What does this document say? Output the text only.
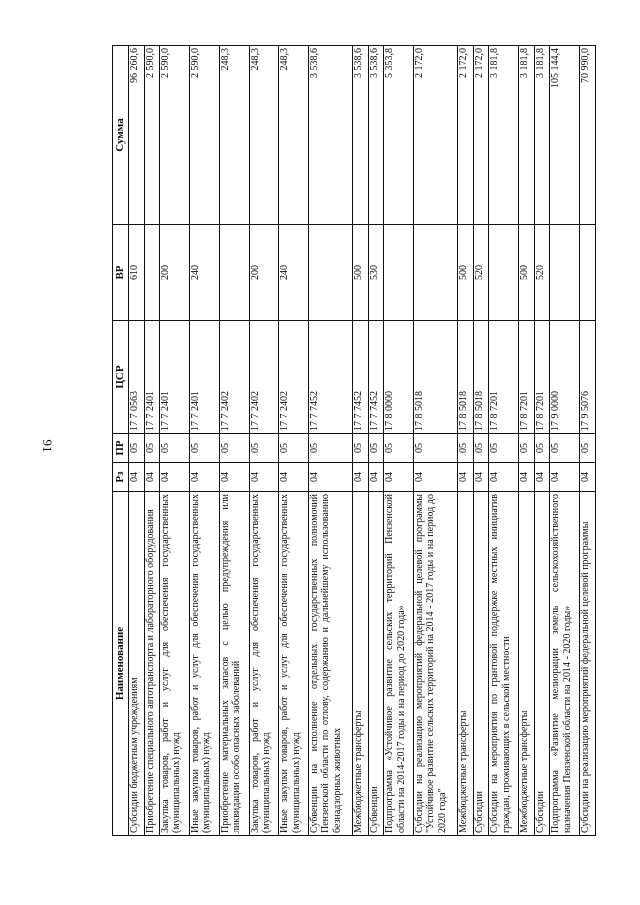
91
Наименование	Рз	ПР	ЦСР	ВР	Сумма
Субсидии бюджетным учреждениям	04	05	17 7 0563	610	96 260,6
Приобретение специального автотранспорта и лабораторного оборудования	04	05	17 7 2401		2 590,0
Закупка товаров, работ и услуг для обеспечения государственных (муниципальных) нужд	04	05	17 7 2401	200	2 590,0
Иные закупки товаров, работ и услуг для обеспечения государственных (муниципальных) нужд	04	05	17 7 2401	240	2 590,0
Приобретение материальных запасов с целью предупреждения или ликвидации особо опасных заболеваний	04	05	17 7 2402		248,3
Закупка товаров, работ и услуг для обеспечения государственных (муниципальных) нужд	04	05	17 7 2402	200	248,3
Иные закупки товаров, работ и услуг для обеспечения государственных (муниципальных) нужд	04	05	17 7 2402	240	248,3
Субвенции на исполнение отдельных государственных полномочий Пензенской области по отлову, содержанию и дальнейшему использованию безнадзорных животных	04	05	17 7 7452		3 538,6
Межбюджетные трансферты	04	05	17 7 7452	500	3 538,6
Субвенции	04	05	17 7 7452	530	3 538,6
Подпрограмма «Устойчивое развитие сельских территорий Пензенской области на 2014-2017 годы и на период до 2020 года»	04	05	17 8 0000		5 353,8
Субсидии на реализацию мероприятий федеральной целевой программы "Устойчивое развитие сельских территорий на 2014 - 2017 годы и на период до 2020 года"	04	05	17 8 5018		2 172,0
Межбюджетные трансферты	04	05	17 8 5018	500	2 172,0
Субсидии	04	05	17 8 5018	520	2 172,0
Субсидии на мероприятия по грантовой поддержке местных инициатив граждан, проживающих в сельской местности	04	05	17 8 7201		3 181,8
Межбюджетные трансферты	04	05	17 8 7201	500	3 181,8
Субсидии	04	05	17 8 7201	520	3 181,8
Подпрограмма «Развитие мелиорации земель сельскохозяйственного назначения Пензенской области на 2014 - 2020 годы»	04	05	17 9 0000		105 144,4
Субсидии на реализацию мероприятий федеральной целевой программы	04	05	17 9 5076		70 990,0
